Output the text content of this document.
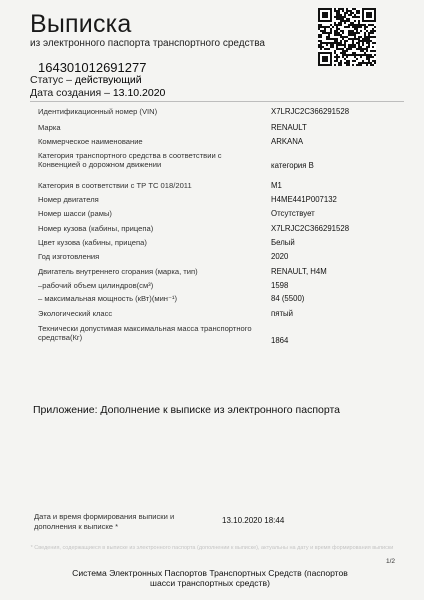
Выписка
из электронного паспорта транспортного средства
164301012691277
Статус – действующий
Дата создания – 13.10.2020
Идентификационный номер (VIN)	X7LRJC2C366291528
Марка	RENAULT
Коммерческое наименование	ARKANA
Категория транспортного средства в соответствии с Конвенцией о дорожном движении	категория B
Категория в соответствии с ТР ТС 018/2011	M1
Номер двигателя	H4ME441P007132
Номер шасси (рамы)	Отсутствует
Номер кузова (кабины, прицепа)	X7LRJC2C366291528
Цвет кузова (кабины, прицепа)	Белый
Год изготовления	2020
Двигатель внутреннего сгорания (марка, тип)	RENAULT, H4M
–рабочий объем цилиндров(см³)	1598
– максимальная мощность (кВт)(мин⁻¹)	84 (5500)
Экологический класс	пятый
Технически допустимая максимальная масса транспортного средства(Кг)	1864
Приложение: Дополнение к выписке из электронного паспорта
Дата и время формирования выписки и дополнения к выписке *
13.10.2020 18:44
* Сведения, содержащиеся в выписке из электронного паспорта (дополнении к выписке), актуальны на дату и время формирования выписки
1/2
Система Электронных Паспортов Транспортных Средств (паспортов шасси транспортных средств)
